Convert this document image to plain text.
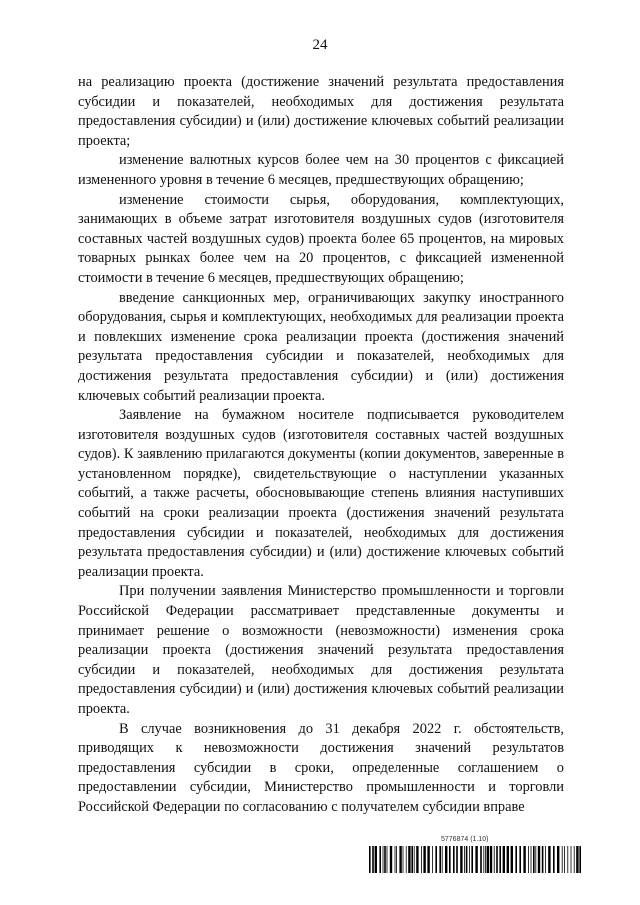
24

на реализацию проекта (достижение значений результата предоставления субсидии и показателей, необходимых для достижения результата предоставления субсидии) и (или) достижение ключевых событий реализации проекта;

изменение валютных курсов более чем на 30 процентов с фиксацией измененного уровня в течение 6 месяцев, предшествующих обращению;

изменение стоимости сырья, оборудования, комплектующих, занимающих в объеме затрат изготовителя воздушных судов (изготовителя составных частей воздушных судов) проекта более 65 процентов, на мировых товарных рынках более чем на 20 процентов, с фиксацией измененной стоимости в течение 6 месяцев, предшествующих обращению;

введение санкционных мер, ограничивающих закупку иностранного оборудования, сырья и комплектующих, необходимых для реализации проекта и повлекших изменение срока реализации проекта (достижения значений результата предоставления субсидии и показателей, необходимых для достижения результата предоставления субсидии) и (или) достижения ключевых событий реализации проекта.

Заявление на бумажном носителе подписывается руководителем изготовителя воздушных судов (изготовителя составных частей воздушных судов). К заявлению прилагаются документы (копии документов, заверенные в установленном порядке), свидетельствующие о наступлении указанных событий, а также расчеты, обосновывающие степень влияния наступивших событий на сроки реализации проекта (достижения значений результата предоставления субсидии и показателей, необходимых для достижения результата предоставления субсидии) и (или) достижение ключевых событий реализации проекта.

При получении заявления Министерство промышленности и торговли Российской Федерации рассматривает представленные документы и принимает решение о возможности (невозможности) изменения срока реализации проекта (достижения значений результата предоставления субсидии и показателей, необходимых для достижения результата предоставления субсидии) и (или) достижения ключевых событий реализации проекта.

В случае возникновения до 31 декабря 2022 г. обстоятельств, приводящих к невозможности достижения значений результатов предоставления субсидии в сроки, определенные соглашением о предоставлении субсидии, Министерство промышленности и торговли Российской Федерации по согласованию с получателем субсидии вправе

5776874 (1.10)
